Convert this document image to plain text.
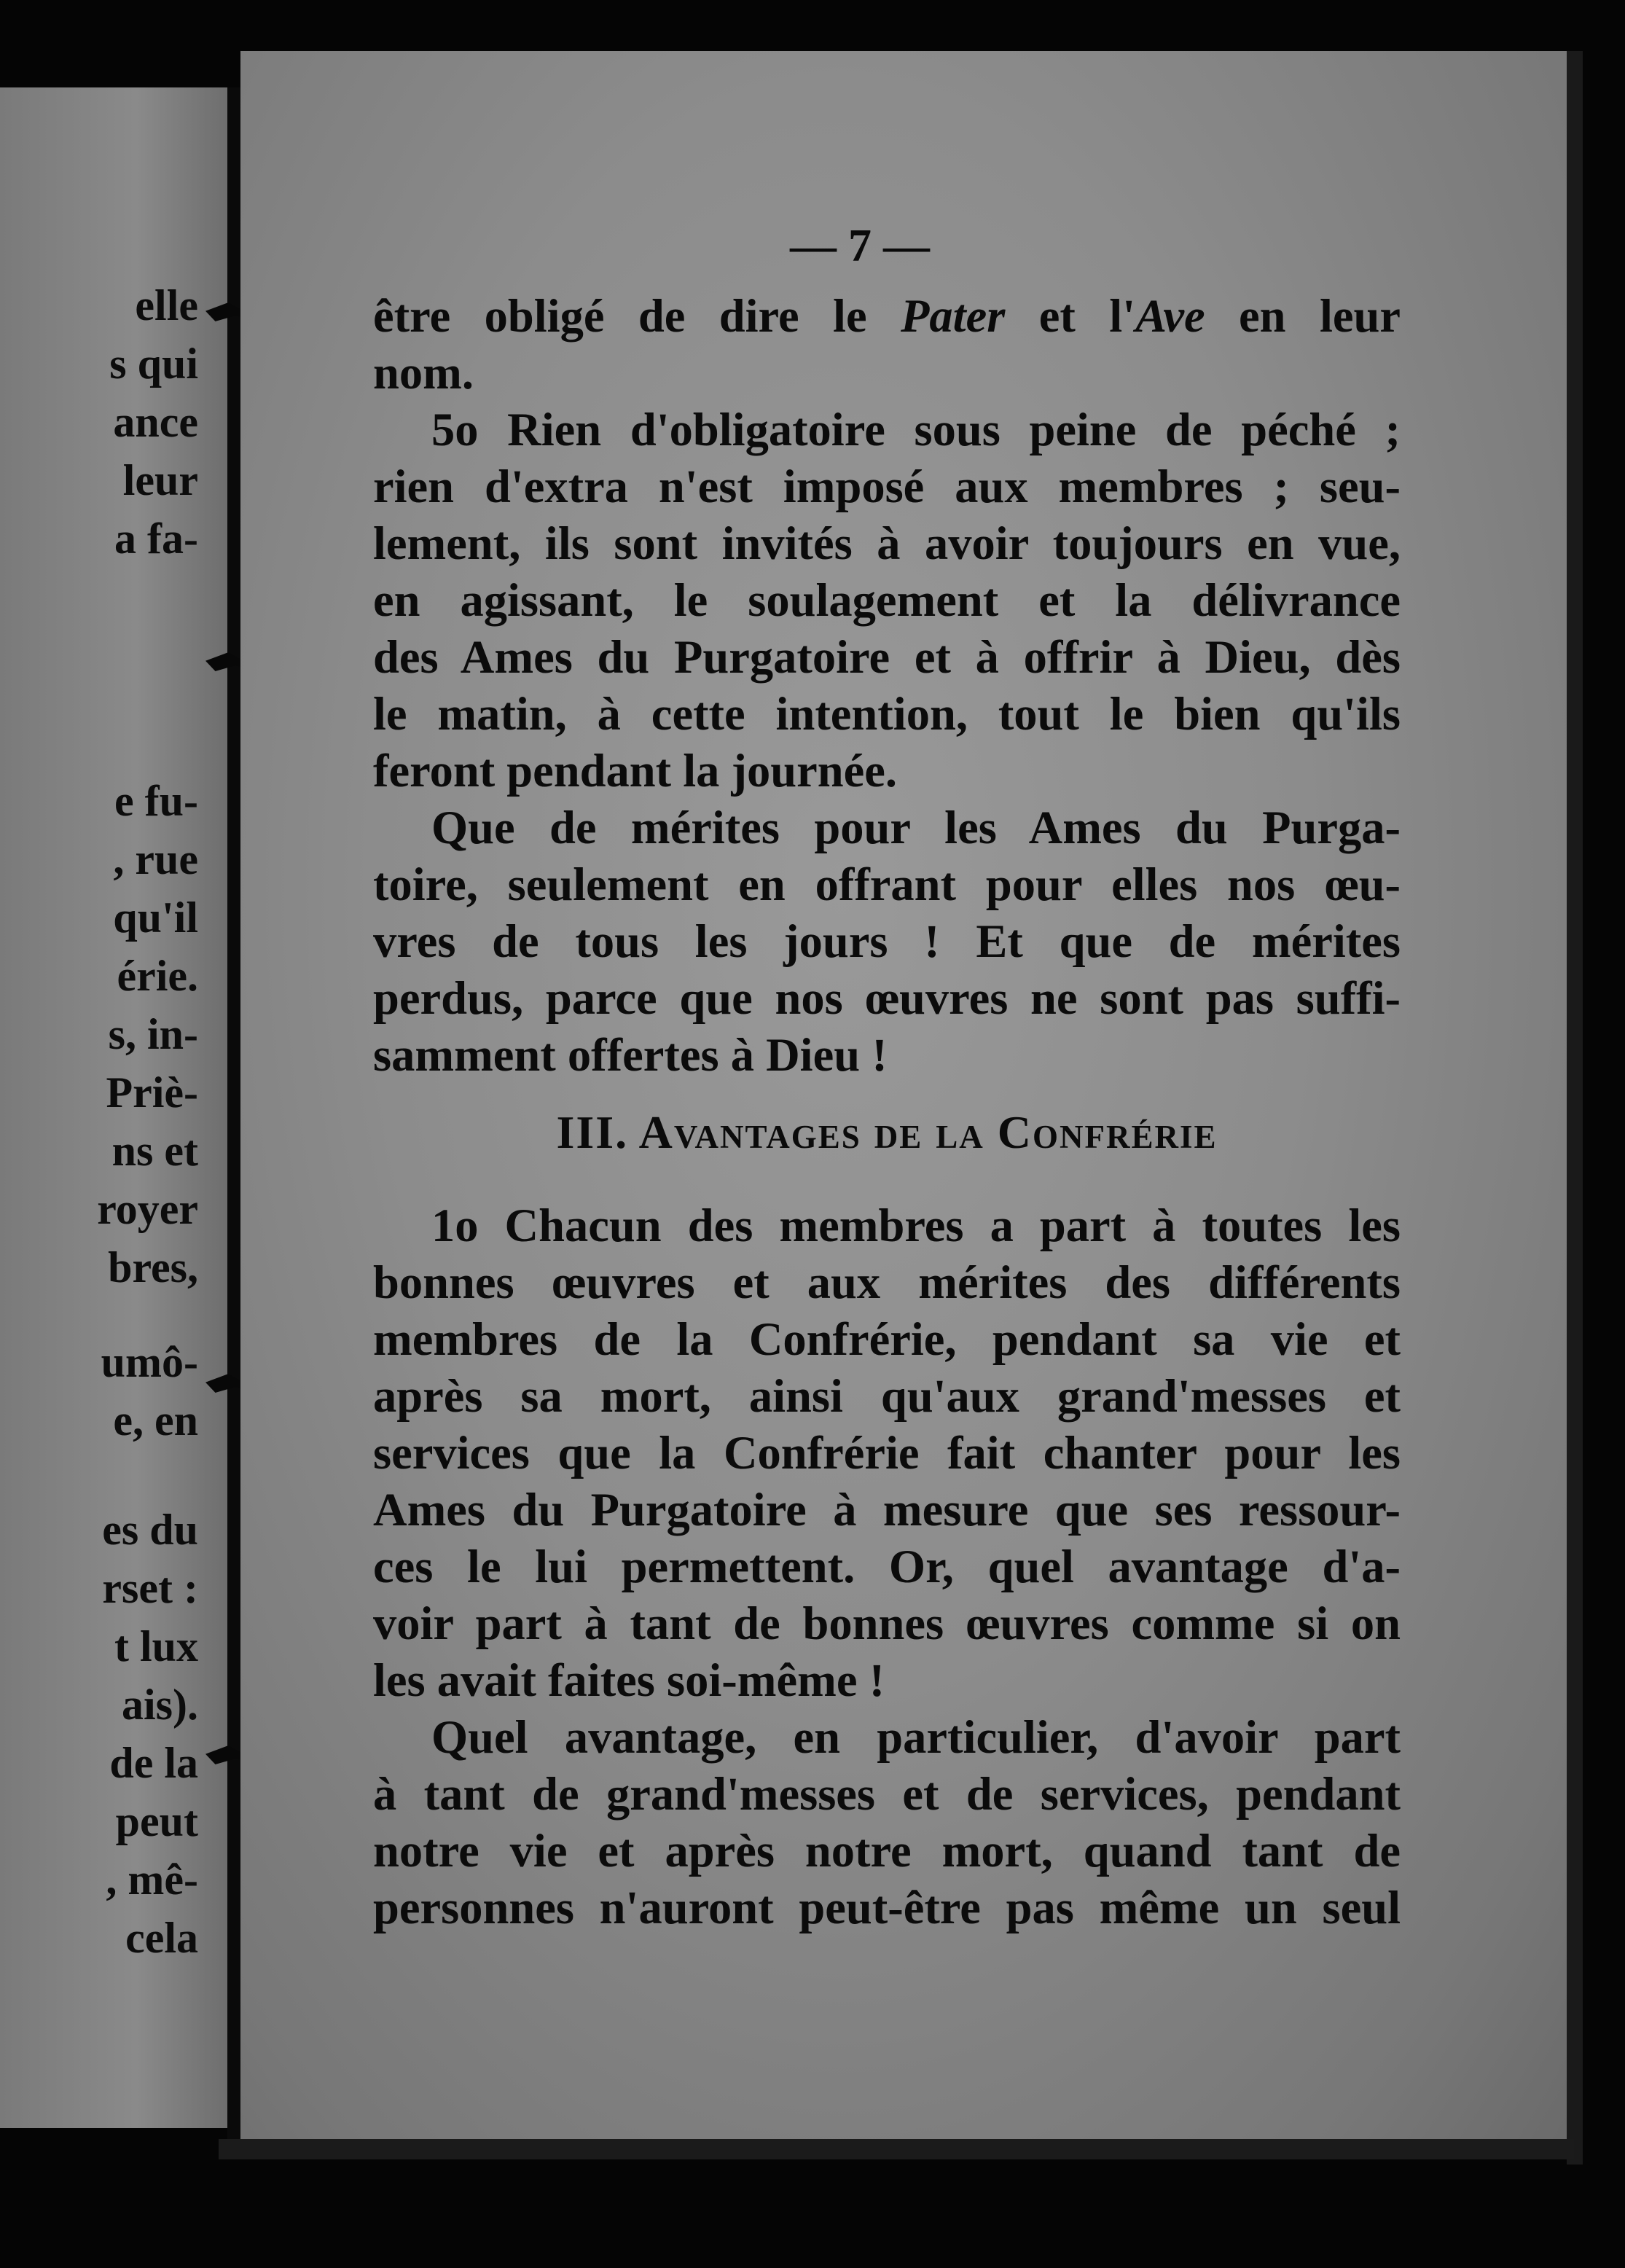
elle
s qui
ance
leur
a fa-
e fu-
, rue
qu'il
érie.
s, in-
Priè-
ns et
royer
bres,
umô-
e, en
es du
rset :
t lux
ais).
de la
peut
, mê-
cela
— 7 —
être obligé de dire le Pater et l'Ave en leur
nom.
5o Rien d'obligatoire sous peine de péché ;
rien d'extra n'est imposé aux membres ; seu-
lement, ils sont invités à avoir toujours en vue,
en agissant, le soulagement et la délivrance
des Ames du Purgatoire et à offrir à Dieu, dès
le matin, à cette intention, tout le bien qu'ils
feront pendant la journée.
Que de mérites pour les Ames du Purga-
toire, seulement en offrant pour elles nos œu-
vres de tous les jours ! Et que de mérites
perdus, parce que nos œuvres ne sont pas suffi-
samment offertes à Dieu !
III. Avantages de la Confrérie
1o Chacun des membres a part à toutes les
bonnes œuvres et aux mérites des différents
membres de la Confrérie, pendant sa vie et
après sa mort, ainsi qu'aux grand'messes et
services que la Confrérie fait chanter pour les
Ames du Purgatoire à mesure que ses ressour-
ces le lui permettent. Or, quel avantage d'a-
voir part à tant de bonnes œuvres comme si on
les avait faites soi-même !
Quel avantage, en particulier, d'avoir part
à tant de grand'messes et de services, pendant
notre vie et après notre mort, quand tant de
personnes n'auront peut-être pas même un seul
